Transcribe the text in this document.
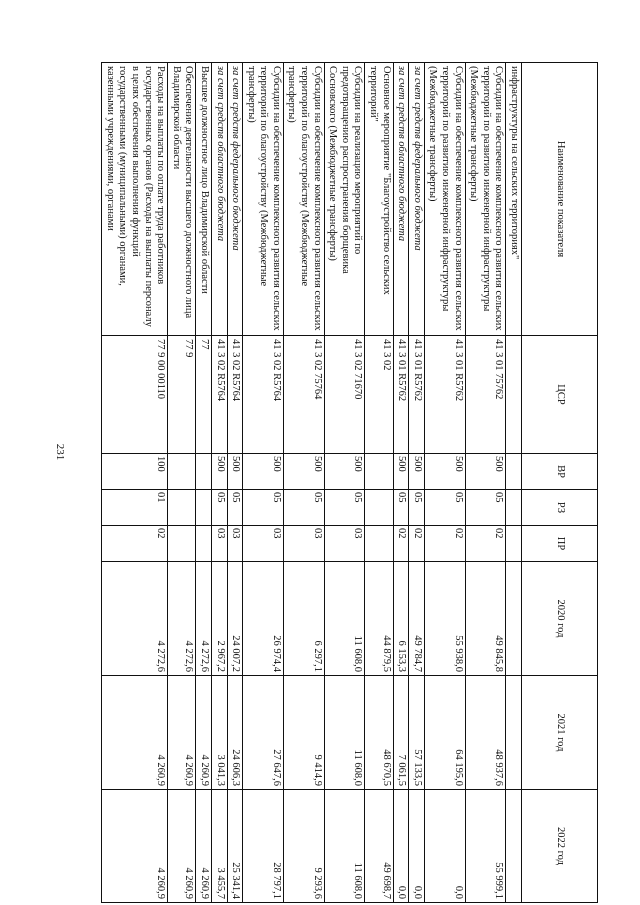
231
Наименование показателя	ЦСР	ВР	РЗ	ПР	2020 год	2021 год	2022 год
инфраструктуры на сельских территориях"							
Субсидии на обеспечение комплексного развития сельских территорий по развитию инженерной инфраструктуры (Межбюджетные трансферты)	41 3 01 75762	500	05	02	49 845,8	48 937,6	55 999,1
Субсидии на обеспечение комплексного развития сельских территорий по развитию инженерной инфраструктуры (Межбюджетные трансферты)	41 3 01 R5762	500	05	02	55 938,0	64 195,0	0,0
за счет средств федерального бюджета	41 3 01 R5762	500	05	02	49 784,7	57 133,5	0,0
за счет средств областного бюджета	41 3 01 R5762	500	05	02	6 153,3	7 061,5	0,0
Основное мероприятие "Благоустройство сельских территорий"	41 3 02				44 879,5	48 670,5	49 698,7
Субсидии на реализацию мероприятий по предотвращению распространения борщевика Сосновского (Межбюджетные трансферты)	41 3 02 71670	500	05	03	11 608,0	11 608,0	11 608,0
Субсидии на обеспечение комплексного развития сельских территорий по благоустройству (Межбюджетные трансферты)	41 3 02 75764	500	05	03	6 297,1	9 414,9	9 293,6
Субсидии на обеспечение комплексного развития сельских территорий по благоустройству (Межбюджетные трансферты)	41 3 02 R5764	500	05	03	26 974,4	27 647,6	28 797,1
за счет средств федерального бюджета	41 3 02 R5764	500	05	03	24 007,2	24 606,3	25 341,4
за счет средств областного бюджета	41 3 02 R5764	500	05	03	2 967,2	3 041,3	3 455,7
Высшее должностное лицо Владимирской области	77				4 272,6	4 260,9	4 260,9
Обеспечение деятельности высшего должностного лица Владимирской области	77 9				4 272,6	4 260,9	4 260,9
Расходы на выплаты по оплате труда работников государственных органов (Расходы на выплаты персоналу в целях обеспечения выполнения функций государственными (муниципальными) органами, казенными учреждениями, органами	77 9 00 00110	100	01	02	4 272,6	4 260,9	4 260,9
